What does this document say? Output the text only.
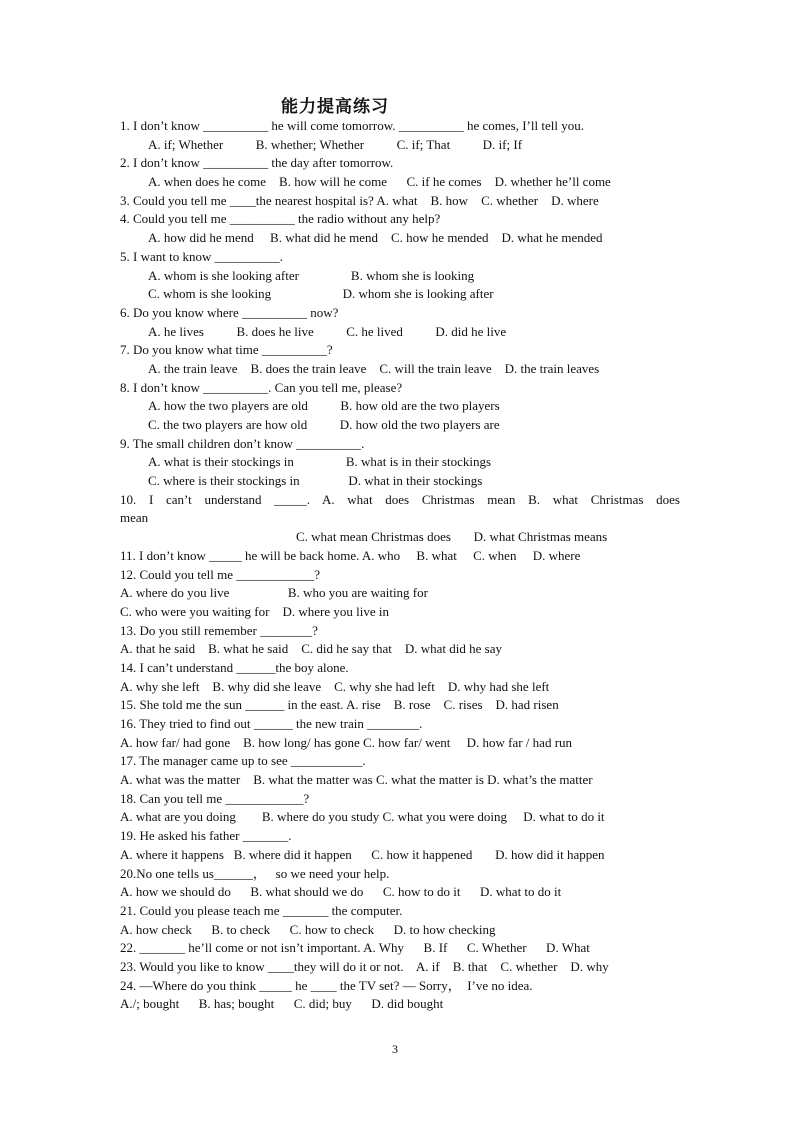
能力提高练习
1. I don’t know __________ he will come tomorrow. __________ he comes, I’ll tell you.
A. if; Whether          B. whether; Whether          C. if; That          D. if; If
2. I don’t know __________ the day after tomorrow.
A. when does he come    B. how will he come      C. if he comes    D. whether he’ll come
3. Could you tell me ____the nearest hospital is? A. what    B. how    C. whether    D. where
4. Could you tell me __________ the radio without any help?
A. how did he mend     B. what did he mend    C. how he mended    D. what he mended
5. I want to know __________.
A. whom is she looking after                B. whom she is looking
C. whom is she looking                      D. whom she is looking after
6. Do you know where __________ now?
A. he lives          B. does he live          C. he lived          D. did he live
7. Do you know what time __________?
A. the train leave    B. does the train leave    C. will the train leave    D. the train leaves
8. I don’t know __________. Can you tell me, please?
A. how the two players are old          B. how old are the two players
C. the two players are how old          D. how old the two players are
9. The small children don’t know __________.
A. what is their stockings in                B. what is in their stockings
C. where is their stockings in               D. what in their stockings
10. I can’t understand _____. A. what does Christmas mean B. what Christmas does
mean
C. what mean Christmas does       D. what Christmas means
11. I don’t know _____ he will be back home. A. who     B. what     C. when     D. where
12. Could you tell me ____________?
A. where do you live                  B. who you are waiting for
C. who were you waiting for    D. where you live in
13. Do you still remember ________?
A. that he said    B. what he said    C. did he say that    D. what did he say
14. I can’t understand ______the boy alone.
A. why she left    B. why did she leave    C. why she had left    D. why had she left
15. She told me the sun ______ in the east. A. rise    B. rose    C. rises    D. had risen
16. They tried to find out ______ the new train ________.
A. how far/ had gone    B. how long/ has gone C. how far/ went     D. how far / had run
17. The manager came up to see ___________.
A. what was the matter    B. what the matter was C. what the matter is D. what’s the matter
18. Can you tell me ____________?
A. what are you doing        B. where do you study C. what you were doing     D. what to do it
19. He asked his father _______.
A. where it happens   B. where did it happen      C. how it happened       D. how did it happen
20.No one tells us______，   so we need your help.
A. how we should do      B. what should we do      C. how to do it      D. what to do it
21. Could you please teach me _______ the computer.
A. how check      B. to check      C. how to check      D. to how checking
22. _______ he’ll come or not isn’t important. A. Why      B. If      C. Whether      D. What
23. Would you like to know ____they will do it or not.    A. if    B. that    C. whether    D. why
24. —Where do you think _____ he ____ the TV set? — Sorry，  I’ve no idea.
A./; bought      B. has; bought      C. did; buy      D. did bought
3
